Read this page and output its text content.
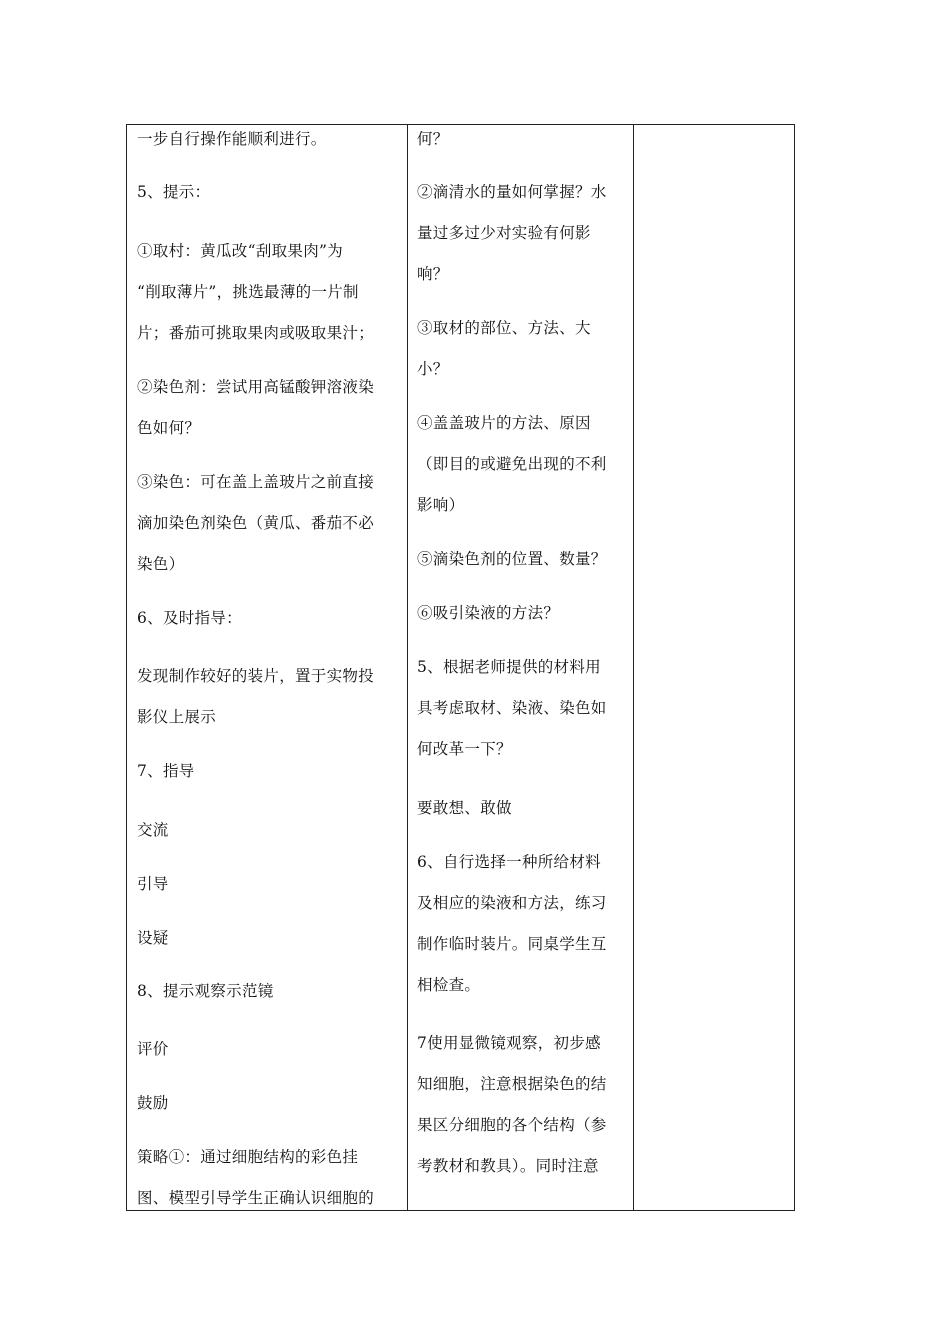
一步自行操作能顺利进行。
5、提示：
①取村：黄瓜改“刮取果肉”为
“削取薄片”，挑选最薄的一片制
片；番茄可挑取果肉或吸取果汁；
②染色剂：尝试用高锰酸钾溶液染
色如何？
③染色：可在盖上盖玻片之前直接
滴加染色剂染色（黄瓜、番茄不必
染色）
6、及时指导：
发现制作较好的装片，置于实物投
影仪上展示
7、指导
交流
引导
设疑
8、提示观察示范镜
评价
鼓励
策略①：通过细胞结构的彩色挂
图、模型引导学生正确认识细胞的
何？
②滴清水的量如何掌握？水
量过多过少对实验有何影
响？
③取材的部位、方法、大
小？
④盖盖玻片的方法、原因
（即目的或避免出现的不利
影响）
⑤滴染色剂的位置、数量？
⑥吸引染液的方法？
5、根据老师提供的材料用
具考虑取材、染液、染色如
何改革一下？
要敢想、敢做
6、自行选择一种所给材料
及相应的染液和方法，练习
制作临时装片。同桌学生互
相检查。
7使用显微镜观察，初步感
知细胞，注意根据染色的结
果区分细胞的各个结构（参
考教材和教具）。同时注意
